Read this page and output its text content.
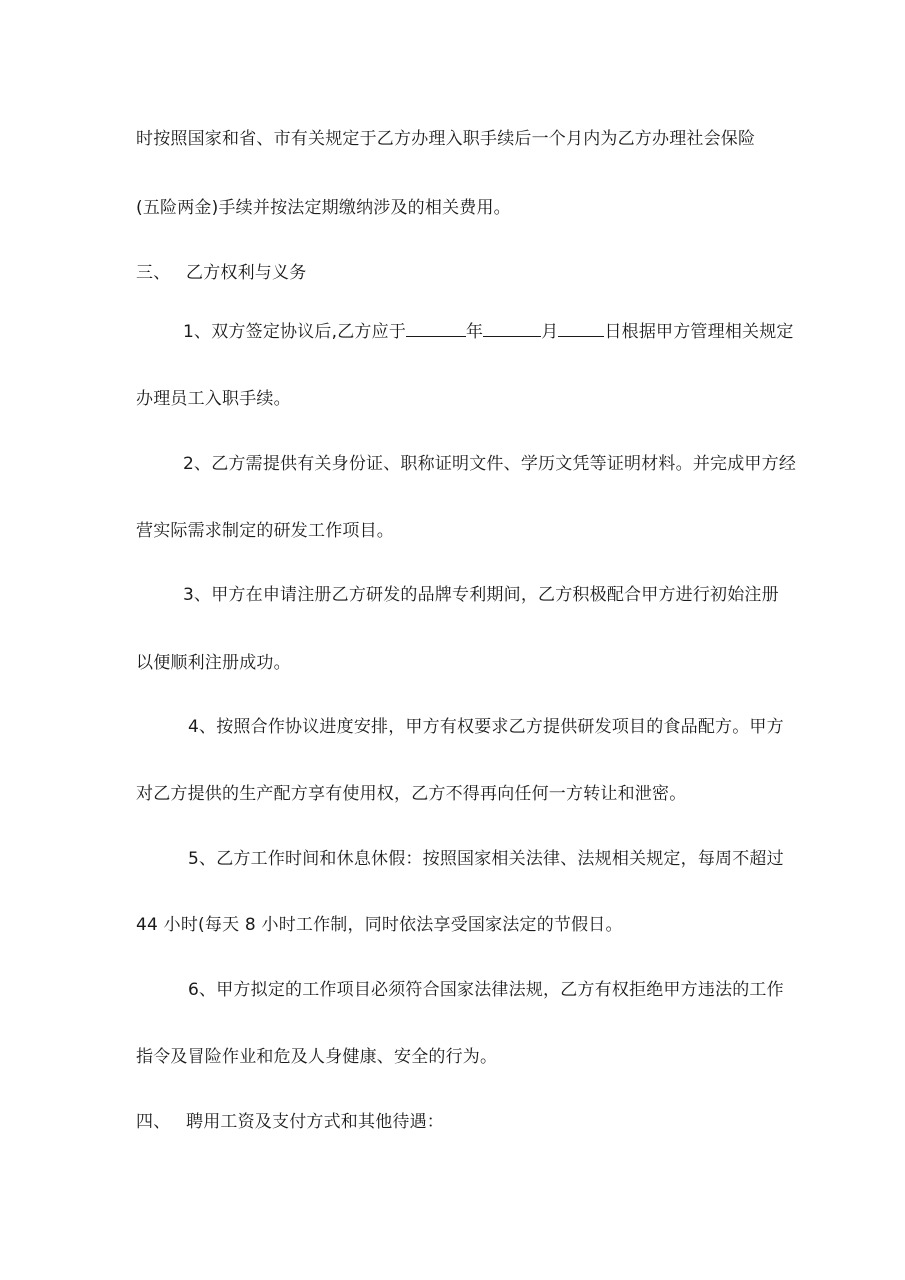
时按照国家和省、市有关规定于乙方办理入职手续后一个月内为乙方办理社会保险
(五险两金)手续并按法定期缴纳涉及的相关费用。
三、 乙方权利与义务
1、双方签定协议后,乙方应于	年	月	日根据甲方管理相关规定
办理员工入职手续。
2、乙方需提供有关身份证、职称证明文件、学历文凭等证明材料。并完成甲方经
营实际需求制定的研发工作项目。
3、甲方在申请注册乙方研发的品牌专利期间，乙方积极配合甲方进行初始注册
以便顺利注册成功。
4、按照合作协议进度安排，甲方有权要求乙方提供研发项目的食品配方。甲方
对乙方提供的生产配方享有使用权，乙方不得再向任何一方转让和泄密。
5、乙方工作时间和休息休假：按照国家相关法律、法规相关规定，每周不超过
44 小时(每天 8 小时工作制，同时依法享受国家法定的节假日。
6、甲方拟定的工作项目必须符合国家法律法规，乙方有权拒绝甲方违法的工作
指令及冒险作业和危及人身健康、安全的行为。
四、 聘用工资及支付方式和其他待遇：
